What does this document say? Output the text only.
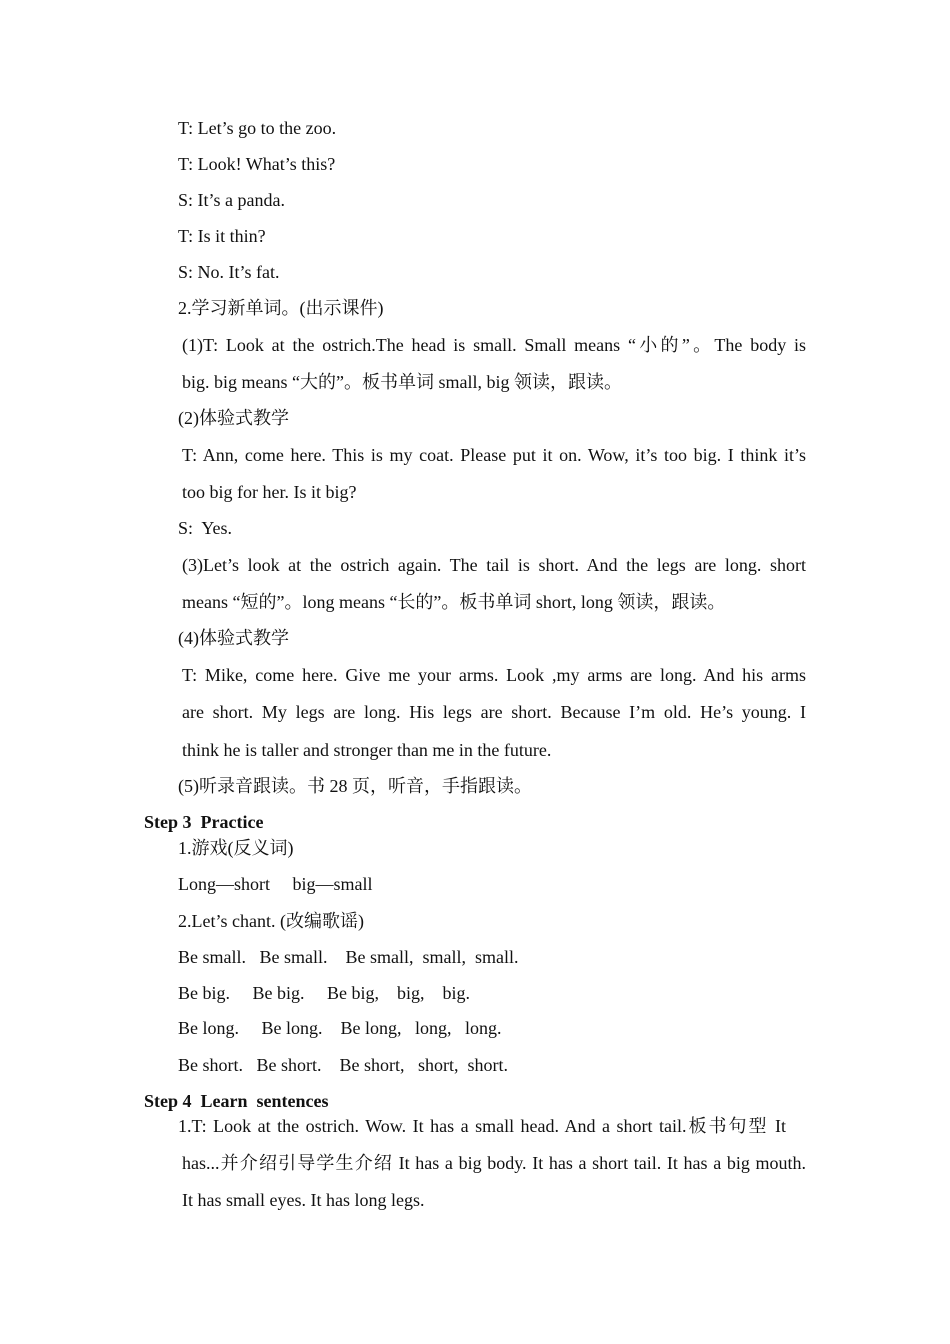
T: Let’s go to the zoo.

T: Look! What’s this?

S: It’s a panda.

T: Is it thin?

S: No. It’s fat.

2.学习新单词。(出示课件)

(1)T: Look at the ostrich.The head is small. Small means “小的”。The body is

big. big means “大的”。板书单词 small, big 领读，跟读。

(2)体验式教学

T: Ann, come here. This is my coat. Please put it on. Wow, it’s too big. I think it’s

too big for her. Is it big?

S:  Yes.

(3)Let’s look at the ostrich again. The tail is short. And the legs are long. short

means “短的”。long means “长的”。板书单词 short, long 领读，跟读。

(4)体验式教学

T: Mike, come here. Give me your arms. Look ,my arms are long. And his arms

are short. My legs are long. His legs are short. Because I’m old. He’s young. I

think he is taller and stronger than me in the future.

(5)听录音跟读。书 28 页，听音，手指跟读。

Step 3  Practice

1.游戏(反义词)

Long—short     big—small

2.Let’s chant. (改编歌谣)

Be small.   Be small.    Be small,  small,  small.

Be big.     Be big.     Be big,    big,    big.

Be long.     Be long.    Be long,   long,   long.

Be short.   Be short.    Be short,   short,  short.

Step 4  Learn  sentences

1.T: Look at the ostrich. Wow. It has a small head. And a short tail.板书句型 It

has...并介绍引导学生介绍 It has a big body. It has a short tail. It has a big mouth.

It has small eyes. It has long legs.
